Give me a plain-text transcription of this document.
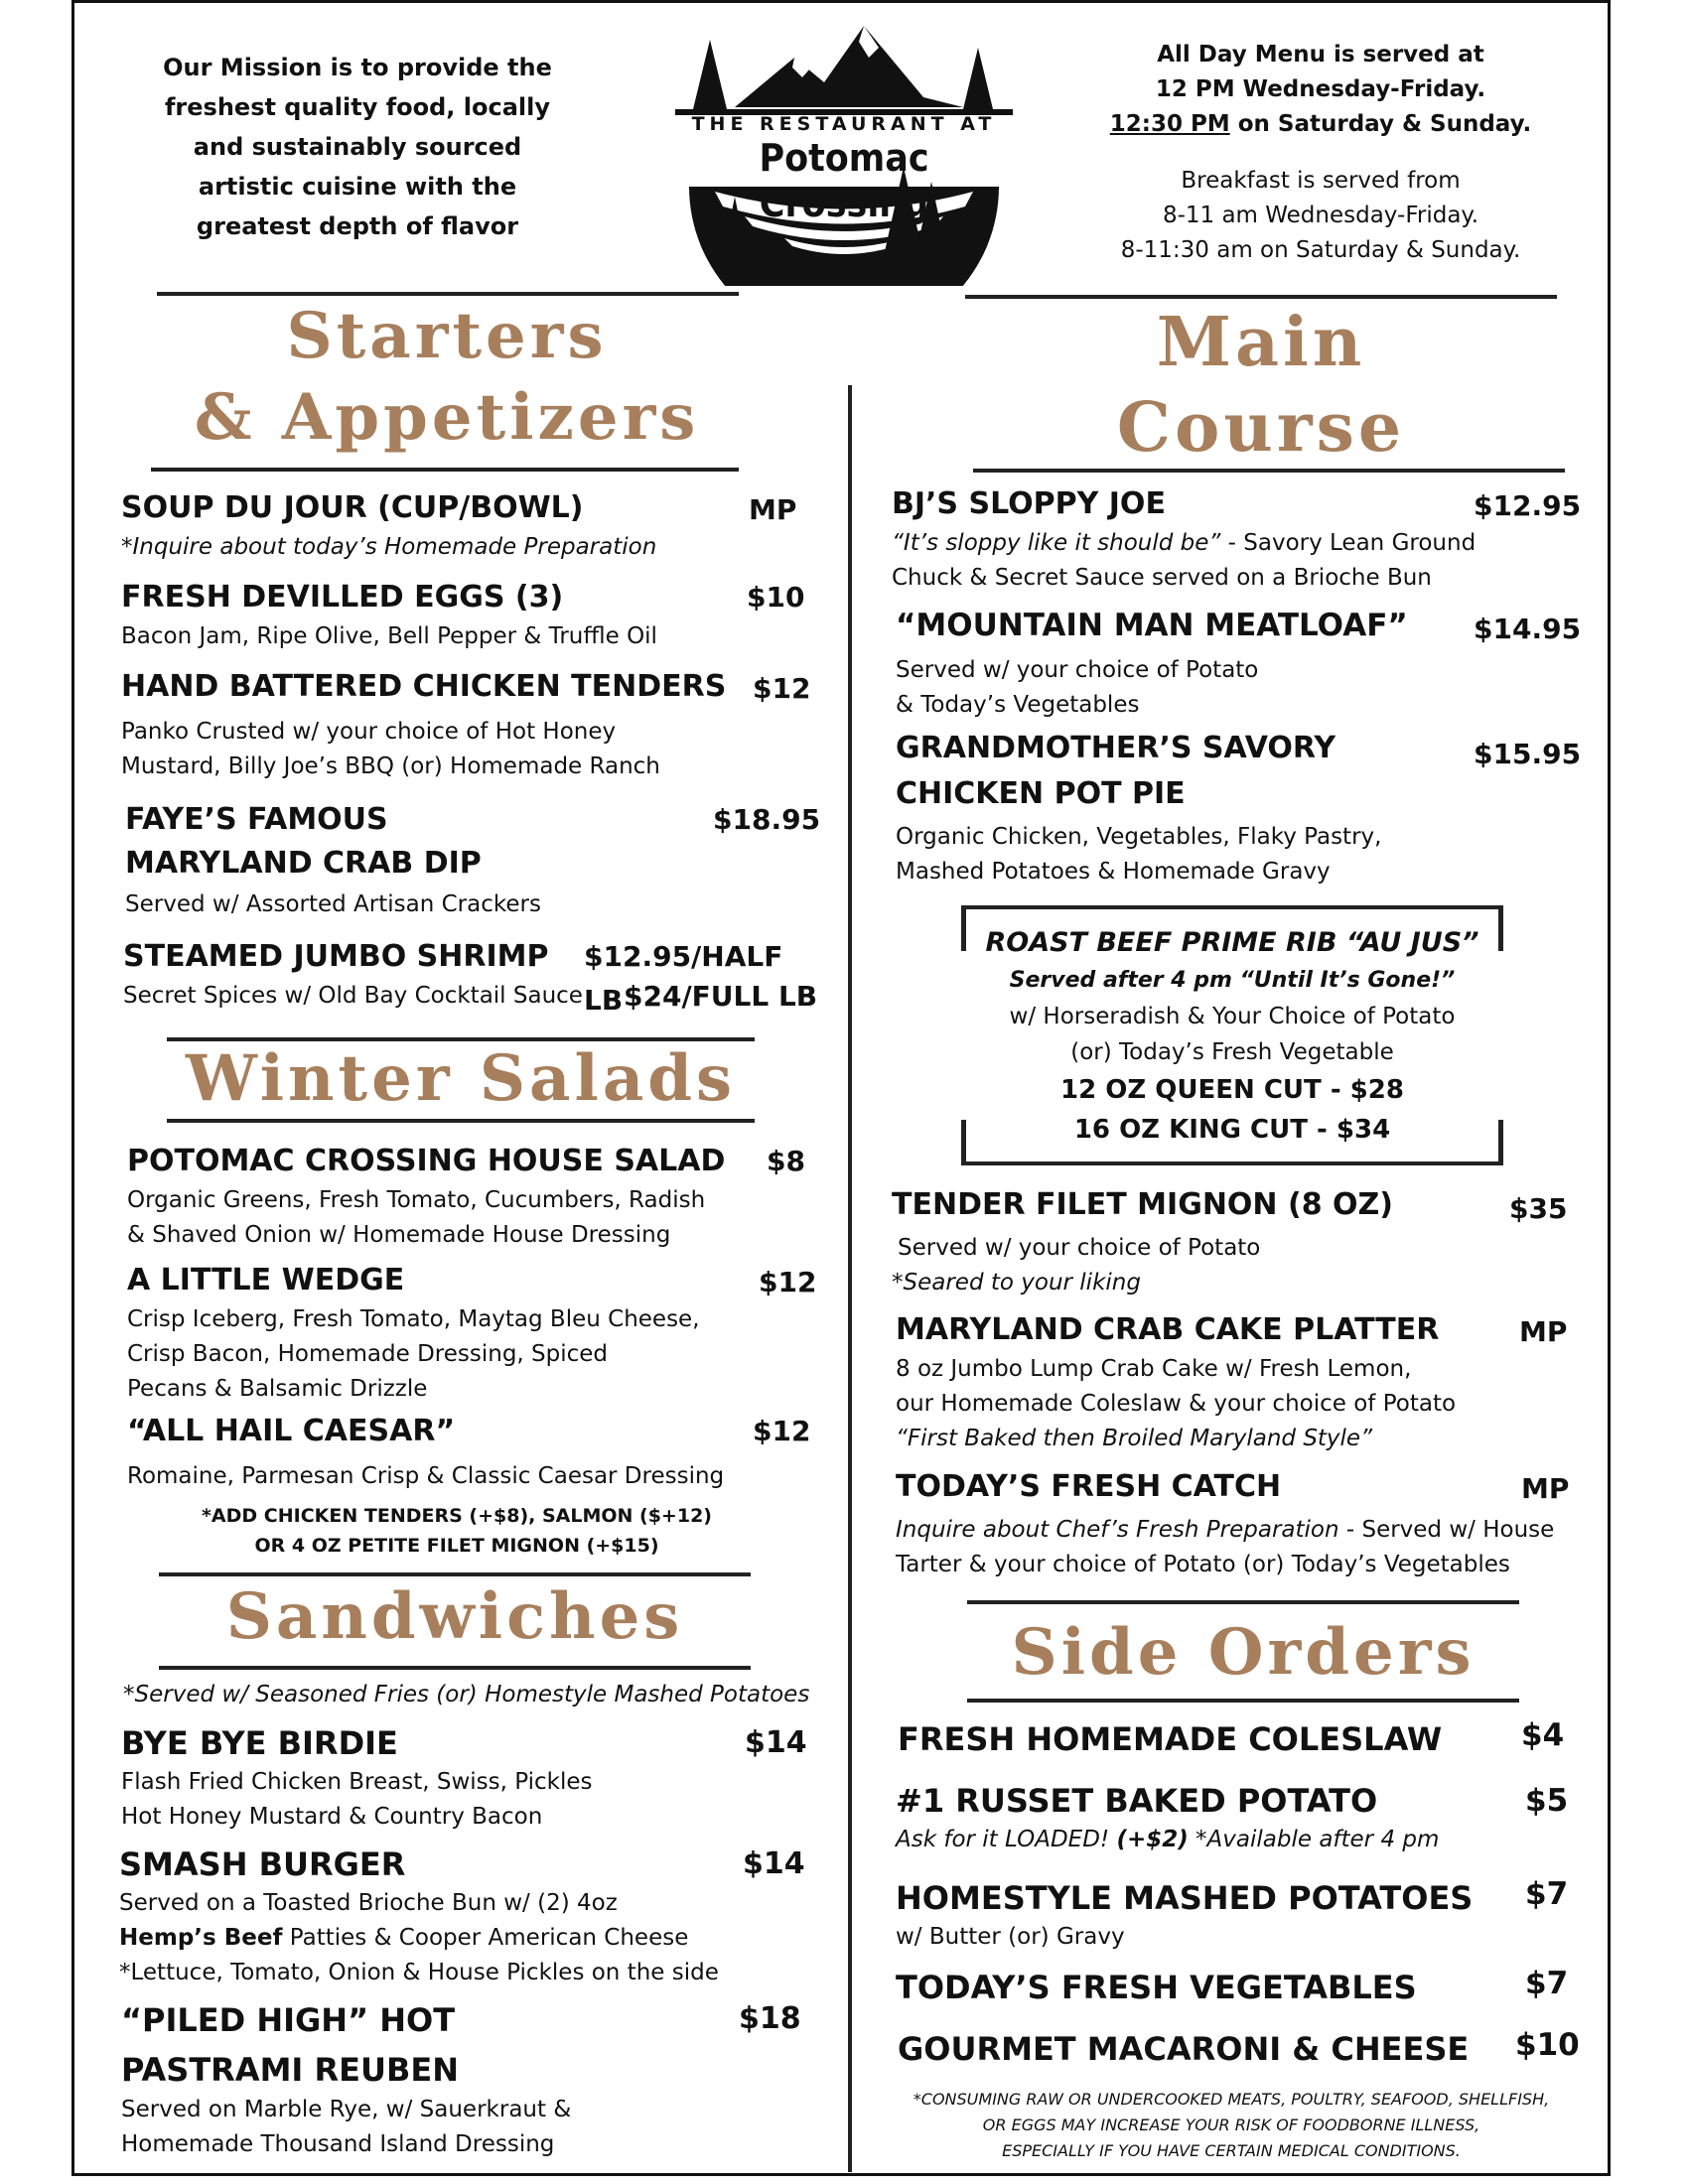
Our Mission is to provide the
freshest quality food, locally
and sustainably sourced
artistic cuisine with the
greatest depth of flavor
THE RESTAURANT AT
Potomac Crossing
All Day Menu is served at
12 PM Wednesday-Friday.
12:30 PM on Saturday & Sunday.
Breakfast is served from
8-11 am Wednesday-Friday.
8-11:30 am on Saturday & Sunday.
Starters
& Appetizers
SOUP DU JOUR (CUP/BOWL)
*Inquire about today’s Homemade Preparation
MP
FRESH DEVILLED EGGS (3)
Bacon Jam, Ripe Olive, Bell Pepper & Truffle Oil
$10
HAND BATTERED CHICKEN TENDERS
Panko Crusted w/ your choice of Hot Honey
Mustard, Billy Joe’s BBQ (or) Homemade Ranch
$12
FAYE’S FAMOUS
MARYLAND CRAB DIP
Served w/ Assorted Artisan Crackers
$18.95
STEAMED JUMBO SHRIMP
Secret Spices w/ Old Bay Cocktail Sauce
$12.95/HALF LB $24/FULL LB
Winter Salads
POTOMAC CROSSING HOUSE SALAD
Organic Greens, Fresh Tomato, Cucumbers, Radish
& Shaved Onion w/ Homemade House Dressing
$8
A LITTLE WEDGE
Crisp Iceberg, Fresh Tomato, Maytag Bleu Cheese,
Crisp Bacon, Homemade Dressing, Spiced
Pecans & Balsamic Drizzle
$12
“ALL HAIL CAESAR”
Romaine, Parmesan Crisp & Classic Caesar Dressing
$12
*ADD CHICKEN TENDERS (+$8), SALMON ($+12)
OR 4 OZ PETITE FILET MIGNON (+$15)
Sandwiches
*Served w/ Seasoned Fries (or) Homestyle Mashed Potatoes
BYE BYE BIRDIE
Flash Fried Chicken Breast, Swiss, Pickles
Hot Honey Mustard & Country Bacon
$14
SMASH BURGER
Served on a Toasted Brioche Bun w/ (2) 4oz
Hemp’s Beef Patties & Cooper American Cheese
*Lettuce, Tomato, Onion & House Pickles on the side
$14
“PILED HIGH” HOT
PASTRAMI REUBEN
Served on Marble Rye, w/ Sauerkraut &
Homemade Thousand Island Dressing
$18
Main
Course
BJ’S SLOPPY JOE
“It’s sloppy like it should be” - Savory Lean Ground
Chuck & Secret Sauce served on a Brioche Bun
$12.95
“MOUNTAIN MAN MEATLOAF”
Served w/ your choice of Potato
& Today’s Vegetables
$14.95
GRANDMOTHER’S SAVORY
CHICKEN POT PIE
Organic Chicken, Vegetables, Flaky Pastry,
Mashed Potatoes & Homemade Gravy
$15.95
ROAST BEEF PRIME RIB “AU JUS”
Served after 4 pm “Until It’s Gone!”
w/ Horseradish & Your Choice of Potato
(or) Today’s Fresh Vegetable
12 OZ QUEEN CUT - $28
16 OZ KING CUT - $34
TENDER FILET MIGNON (8 OZ)
Served w/ your choice of Potato
*Seared to your liking
$35
MARYLAND CRAB CAKE PLATTER
8 oz Jumbo Lump Crab Cake w/ Fresh Lemon,
our Homemade Coleslaw & your choice of Potato
“First Baked then Broiled Maryland Style”
MP
TODAY’S FRESH CATCH
Inquire about Chef’s Fresh Preparation - Served w/ House
Tarter & your choice of Potato (or) Today’s Vegetables
MP
Side Orders
FRESH HOMEMADE COLESLAW	$4
#1 RUSSET BAKED POTATO
Ask for it LOADED! (+$2) *Available after 4 pm
$5
HOMESTYLE MASHED POTATOES
w/ Butter (or) Gravy
$7
TODAY’S FRESH VEGETABLES	$7
GOURMET MACARONI & CHEESE	$10
*CONSUMING RAW OR UNDERCOOKED MEATS, POULTRY, SEAFOOD, SHELLFISH,
OR EGGS MAY INCREASE YOUR RISK OF FOODBORNE ILLNESS,
ESPECIALLY IF YOU HAVE CERTAIN MEDICAL CONDITIONS.
